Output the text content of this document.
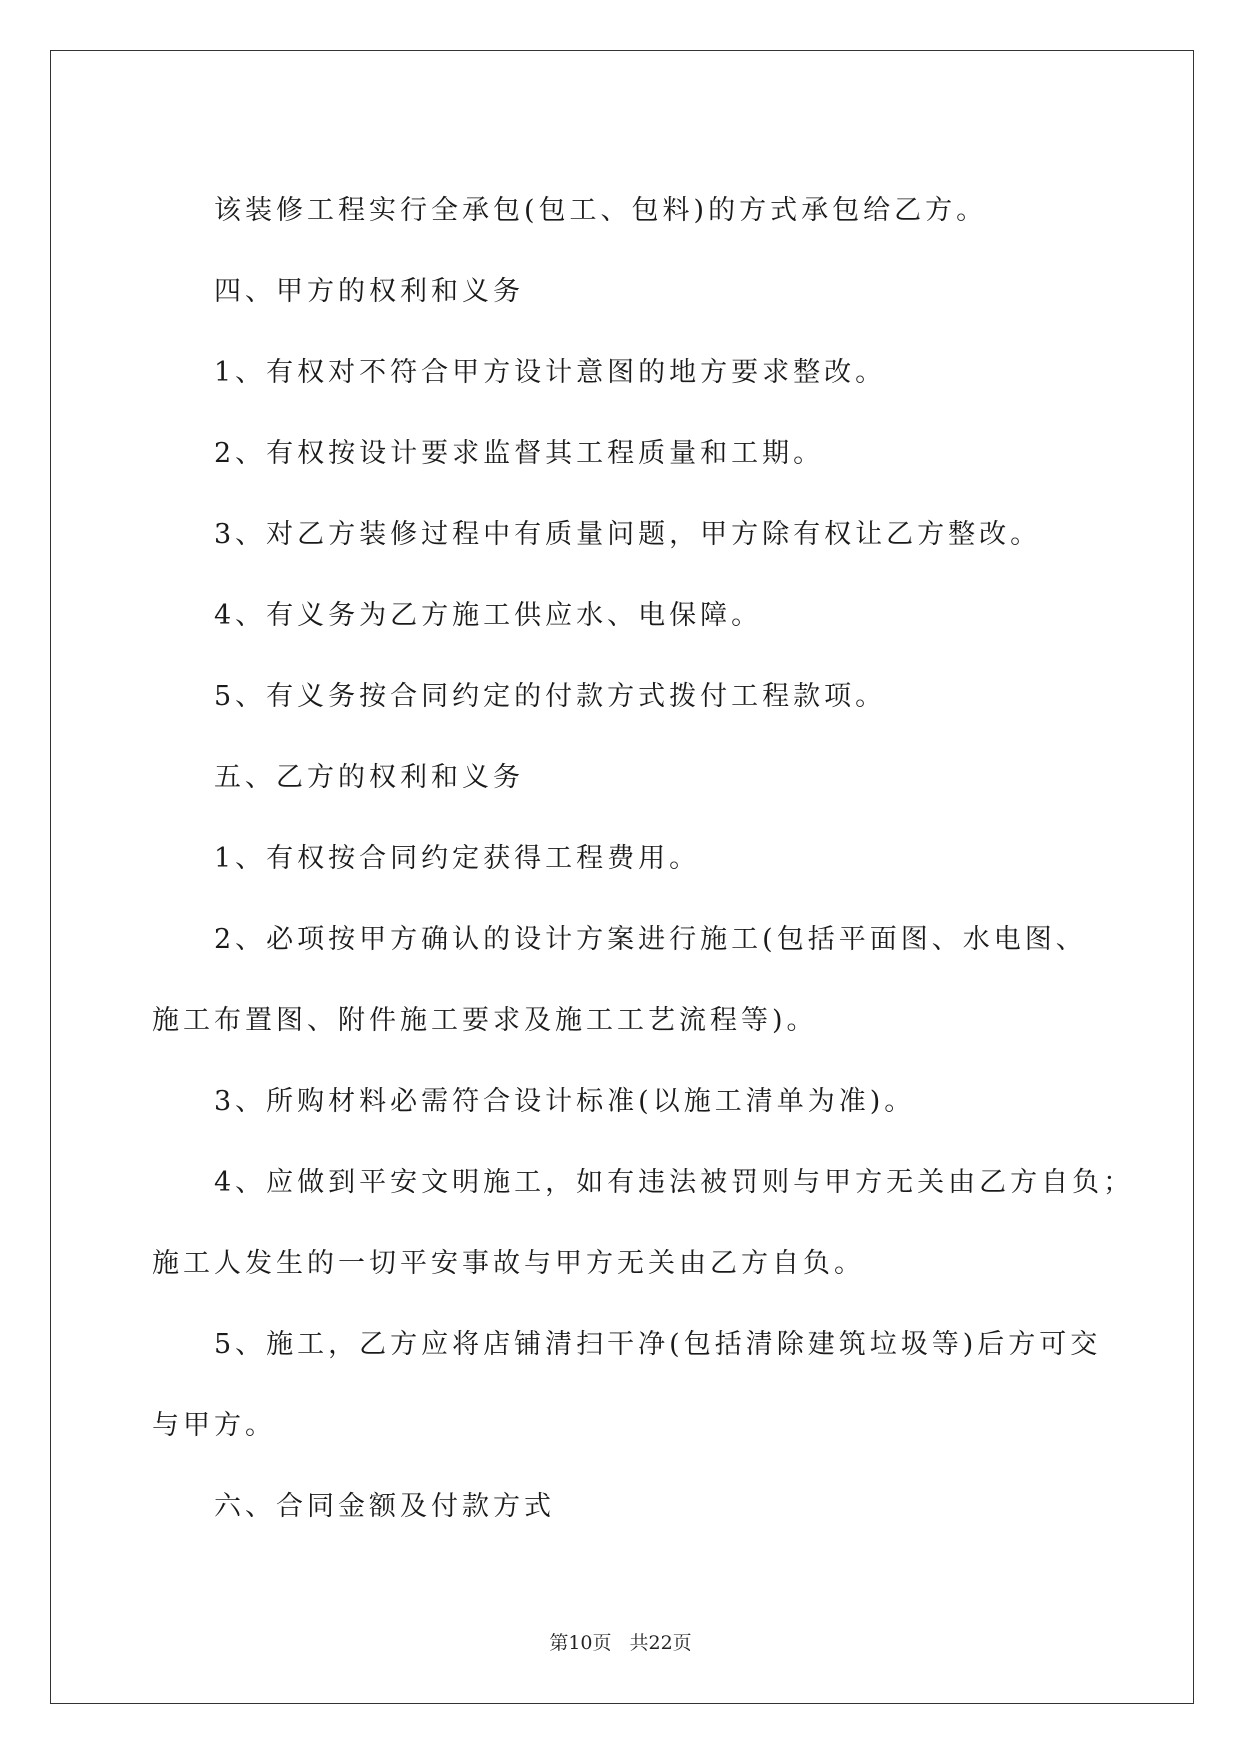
该装修工程实行全承包(包工、包料)的方式承包给乙方。

四、甲方的权利和义务

1、有权对不符合甲方设计意图的地方要求整改。

2、有权按设计要求监督其工程质量和工期。

3、对乙方装修过程中有质量问题，甲方除有权让乙方整改。

4、有义务为乙方施工供应水、电保障。

5、有义务按合同约定的付款方式拨付工程款项。

五、乙方的权利和义务

1、有权按合同约定获得工程费用。

2、必项按甲方确认的设计方案进行施工(包括平面图、水电图、

施工布置图、附件施工要求及施工工艺流程等)。

3、所购材料必需符合设计标准(以施工清单为准)。

4、应做到平安文明施工，如有违法被罚则与甲方无关由乙方自负；

施工人发生的一切平安事故与甲方无关由乙方自负。

5、施工，乙方应将店铺清扫干净(包括清除建筑垃圾等)后方可交

与甲方。

六、合同金额及付款方式

第10页 共22页
